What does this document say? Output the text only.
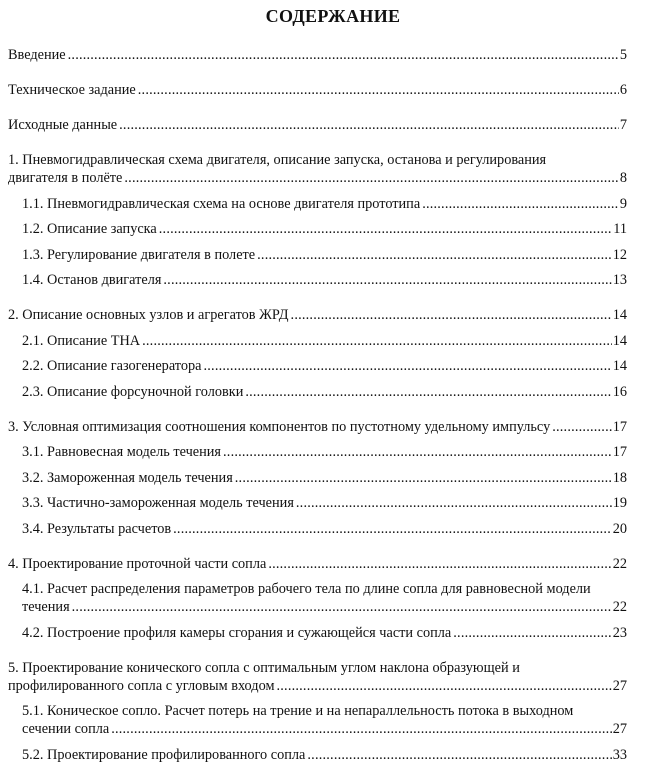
СОДЕРЖАНИЕ
Введение .....	5
Техническое задание .....	6
Исходные данные .....	7
1. Пневмогидравлическая схема двигателя, описание запуска, останова и регулирования двигателя в полёте .....	8
1.1. Пневмогидравлическая схема на основе двигателя прототипа .....	9
1.2. Описание запуска .....	11
1.3. Регулирование двигателя в полете .....	12
1.4. Останов двигателя .....	13
2. Описание основных узлов и агрегатов ЖРД .....	14
2.1. Описание ТНА .....	14
2.2. Описание газогенератора .....	14
2.3. Описание форсуночной головки .....	16
3. Условная оптимизация соотношения компонентов по пустотному удельному импульсу .....	17
3.1. Равновесная модель течения .....	17
3.2. Замороженная модель течения .....	18
3.3. Частично-замороженная модель течения .....	19
3.4. Результаты расчетов .....	20
4. Проектирование проточной части сопла .....	22
4.1. Расчет распределения параметров рабочего тела по длине сопла для равновесной модели течения .....	22
4.2. Построение профиля камеры сгорания и сужающейся части сопла .....	23
5. Проектирование конического сопла с оптимальным углом наклона образующей и профилированного сопла с угловым входом .....	27
5.1. Коническое сопло. Расчет потерь на трение и на непараллельность потока в выходном сечении сопла .....	27
5.2. Проектирование профилированного сопла .....	33
